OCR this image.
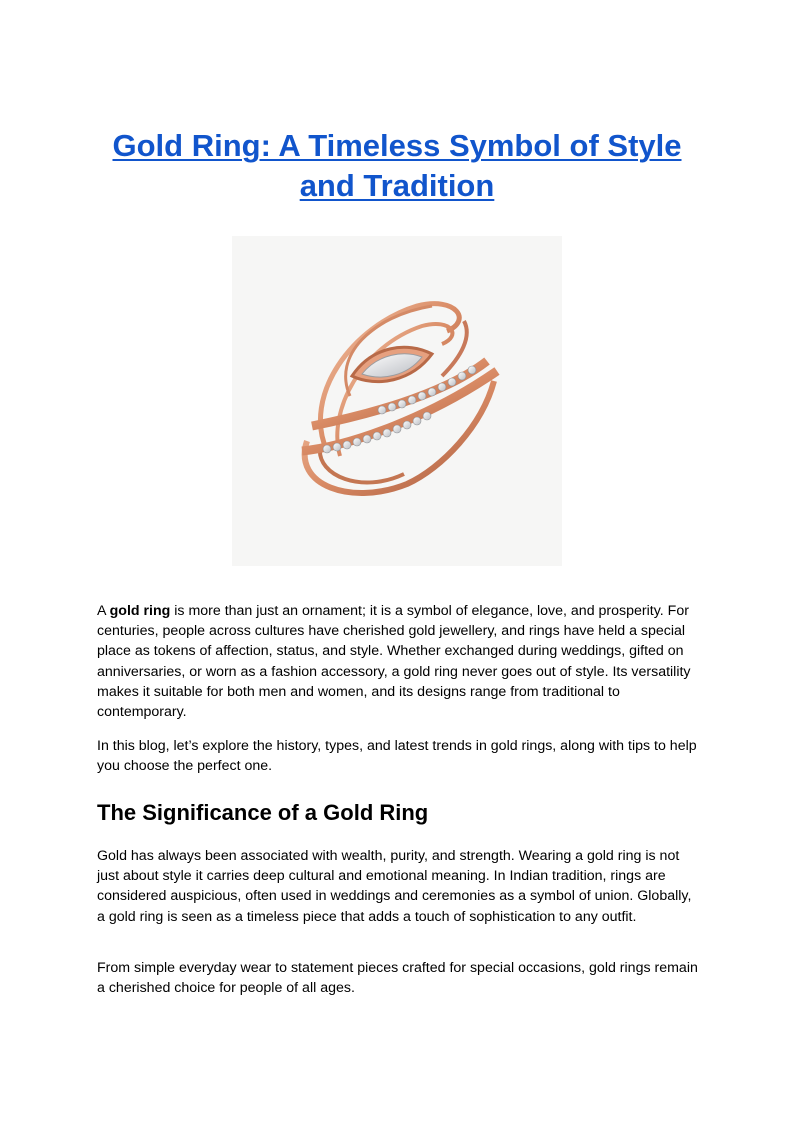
Gold Ring: A Timeless Symbol of Style and Tradition

A gold ring is more than just an ornament; it is a symbol of elegance, love, and prosperity. For centuries, people across cultures have cherished gold jewellery, and rings have held a special place as tokens of affection, status, and style. Whether exchanged during weddings, gifted on anniversaries, or worn as a fashion accessory, a gold ring never goes out of style. Its versatility makes it suitable for both men and women, and its designs range from traditional to contemporary.

In this blog, let’s explore the history, types, and latest trends in gold rings, along with tips to help you choose the perfect one.

The Significance of a Gold Ring

Gold has always been associated with wealth, purity, and strength. Wearing a gold ring is not just about style it carries deep cultural and emotional meaning. In Indian tradition, rings are considered auspicious, often used in weddings and ceremonies as a symbol of union. Globally, a gold ring is seen as a timeless piece that adds a touch of sophistication to any outfit.

From simple everyday wear to statement pieces crafted for special occasions, gold rings remain a cherished choice for people of all ages.
